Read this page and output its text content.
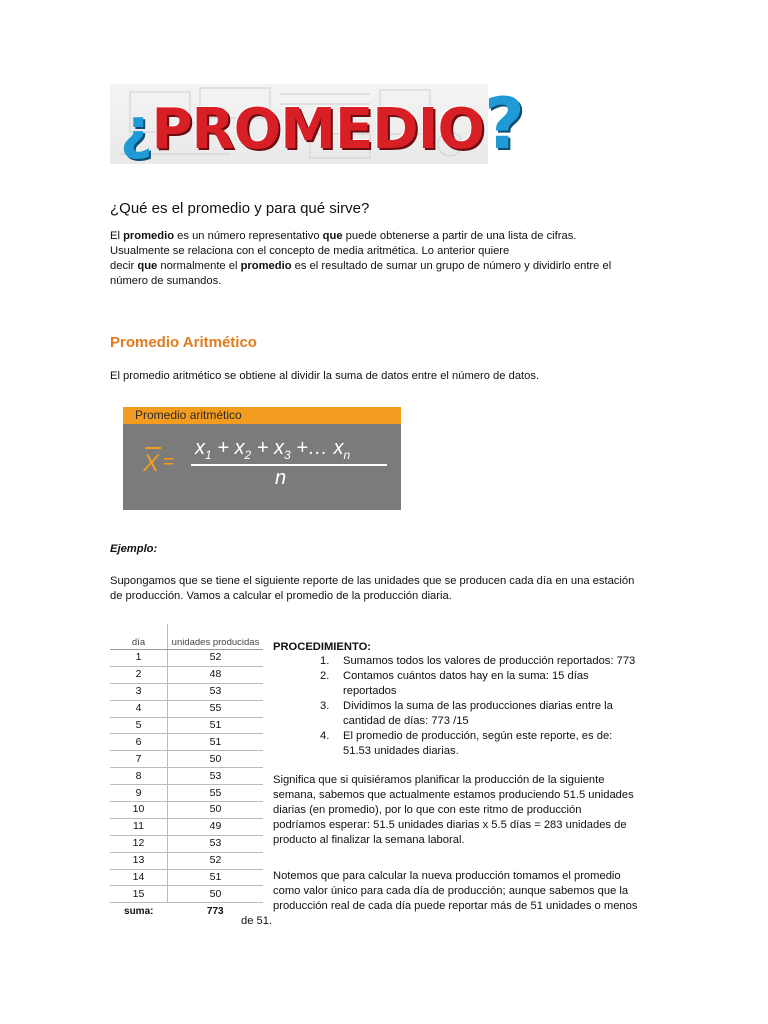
¿PROMEDIO?
¿Qué es el promedio y para qué sirve?

El promedio es un número representativo que puede obtenerse a partir de una lista de cifras.

Usualmente se relaciona con el concepto de media aritmética. Lo anterior quiere

decir que normalmente el promedio es el resultado de sumar un grupo de número y dividirlo entre el

número de sumandos.

Promedio Aritmético

El promedio aritmético se obtiene al dividir la suma de datos entre el número de datos.

Promedio aritmético
X =
$x_1 + x_2 + x_3$ +… $x_n$
n

Ejemplo:

Supongamos que se tiene el siguiente reporte de las unidades que se producen cada día en una estación

de producción. Vamos a calcular el promedio de la producción diaria.

día	unidades producidas
1	52
2	48
3	53
4	55
5	51
6	51
7	50
8	53
9	55
10	50
11	49
12	53
13	52
14	51
15	50
suma:	773

PROCEDIMIENTO:

1. Sumamos todos los valores de producción reportados: 773
2. Contamos cuántos datos hay en la suma: 15 días
reportados
3. Dividimos la suma de las producciones diarias entre la
cantidad de días: 773 /15
4. El promedio de producción, según este reporte, es de:
51.53 unidades diarias.

Significa que si quisiéramos planificar la producción de la siguiente

semana, sabemos que actualmente estamos produciendo 51.5 unidades

diarias (en promedio), por lo que con este ritmo de producción

podríamos esperar: 51.5 unidades diarias x 5.5 días = 283 unidades de

producto al finalizar la semana laboral.

Notemos que para calcular la nueva producción tomamos el promedio

como valor único para cada día de producción; aunque sabemos que la

producción real de cada día puede reportar más de 51 unidades o menos

de 51.
